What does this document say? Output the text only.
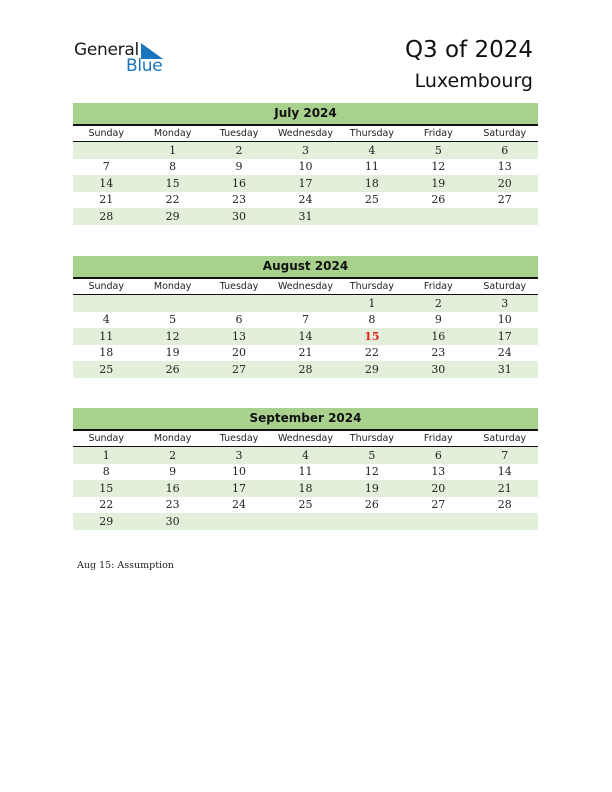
General
Blue
Q3 of 2024
Luxembourg
July 2024
Sunday	Monday	Tuesday	Wednesday	Thursday	Friday	Saturday
	1	2	3	4	5	6
7	8	9	10	11	12	13
14	15	16	17	18	19	20
21	22	23	24	25	26	27
28	29	30	31			
August 2024
Sunday	Monday	Tuesday	Wednesday	Thursday	Friday	Saturday
				1	2	3
4	5	6	7	8	9	10
11	12	13	14	15	16	17
18	19	20	21	22	23	24
25	26	27	28	29	30	31
September 2024
Sunday	Monday	Tuesday	Wednesday	Thursday	Friday	Saturday
1	2	3	4	5	6	7
8	9	10	11	12	13	14
15	16	17	18	19	20	21
22	23	24	25	26	27	28
29	30					
Aug 15: Assumption
